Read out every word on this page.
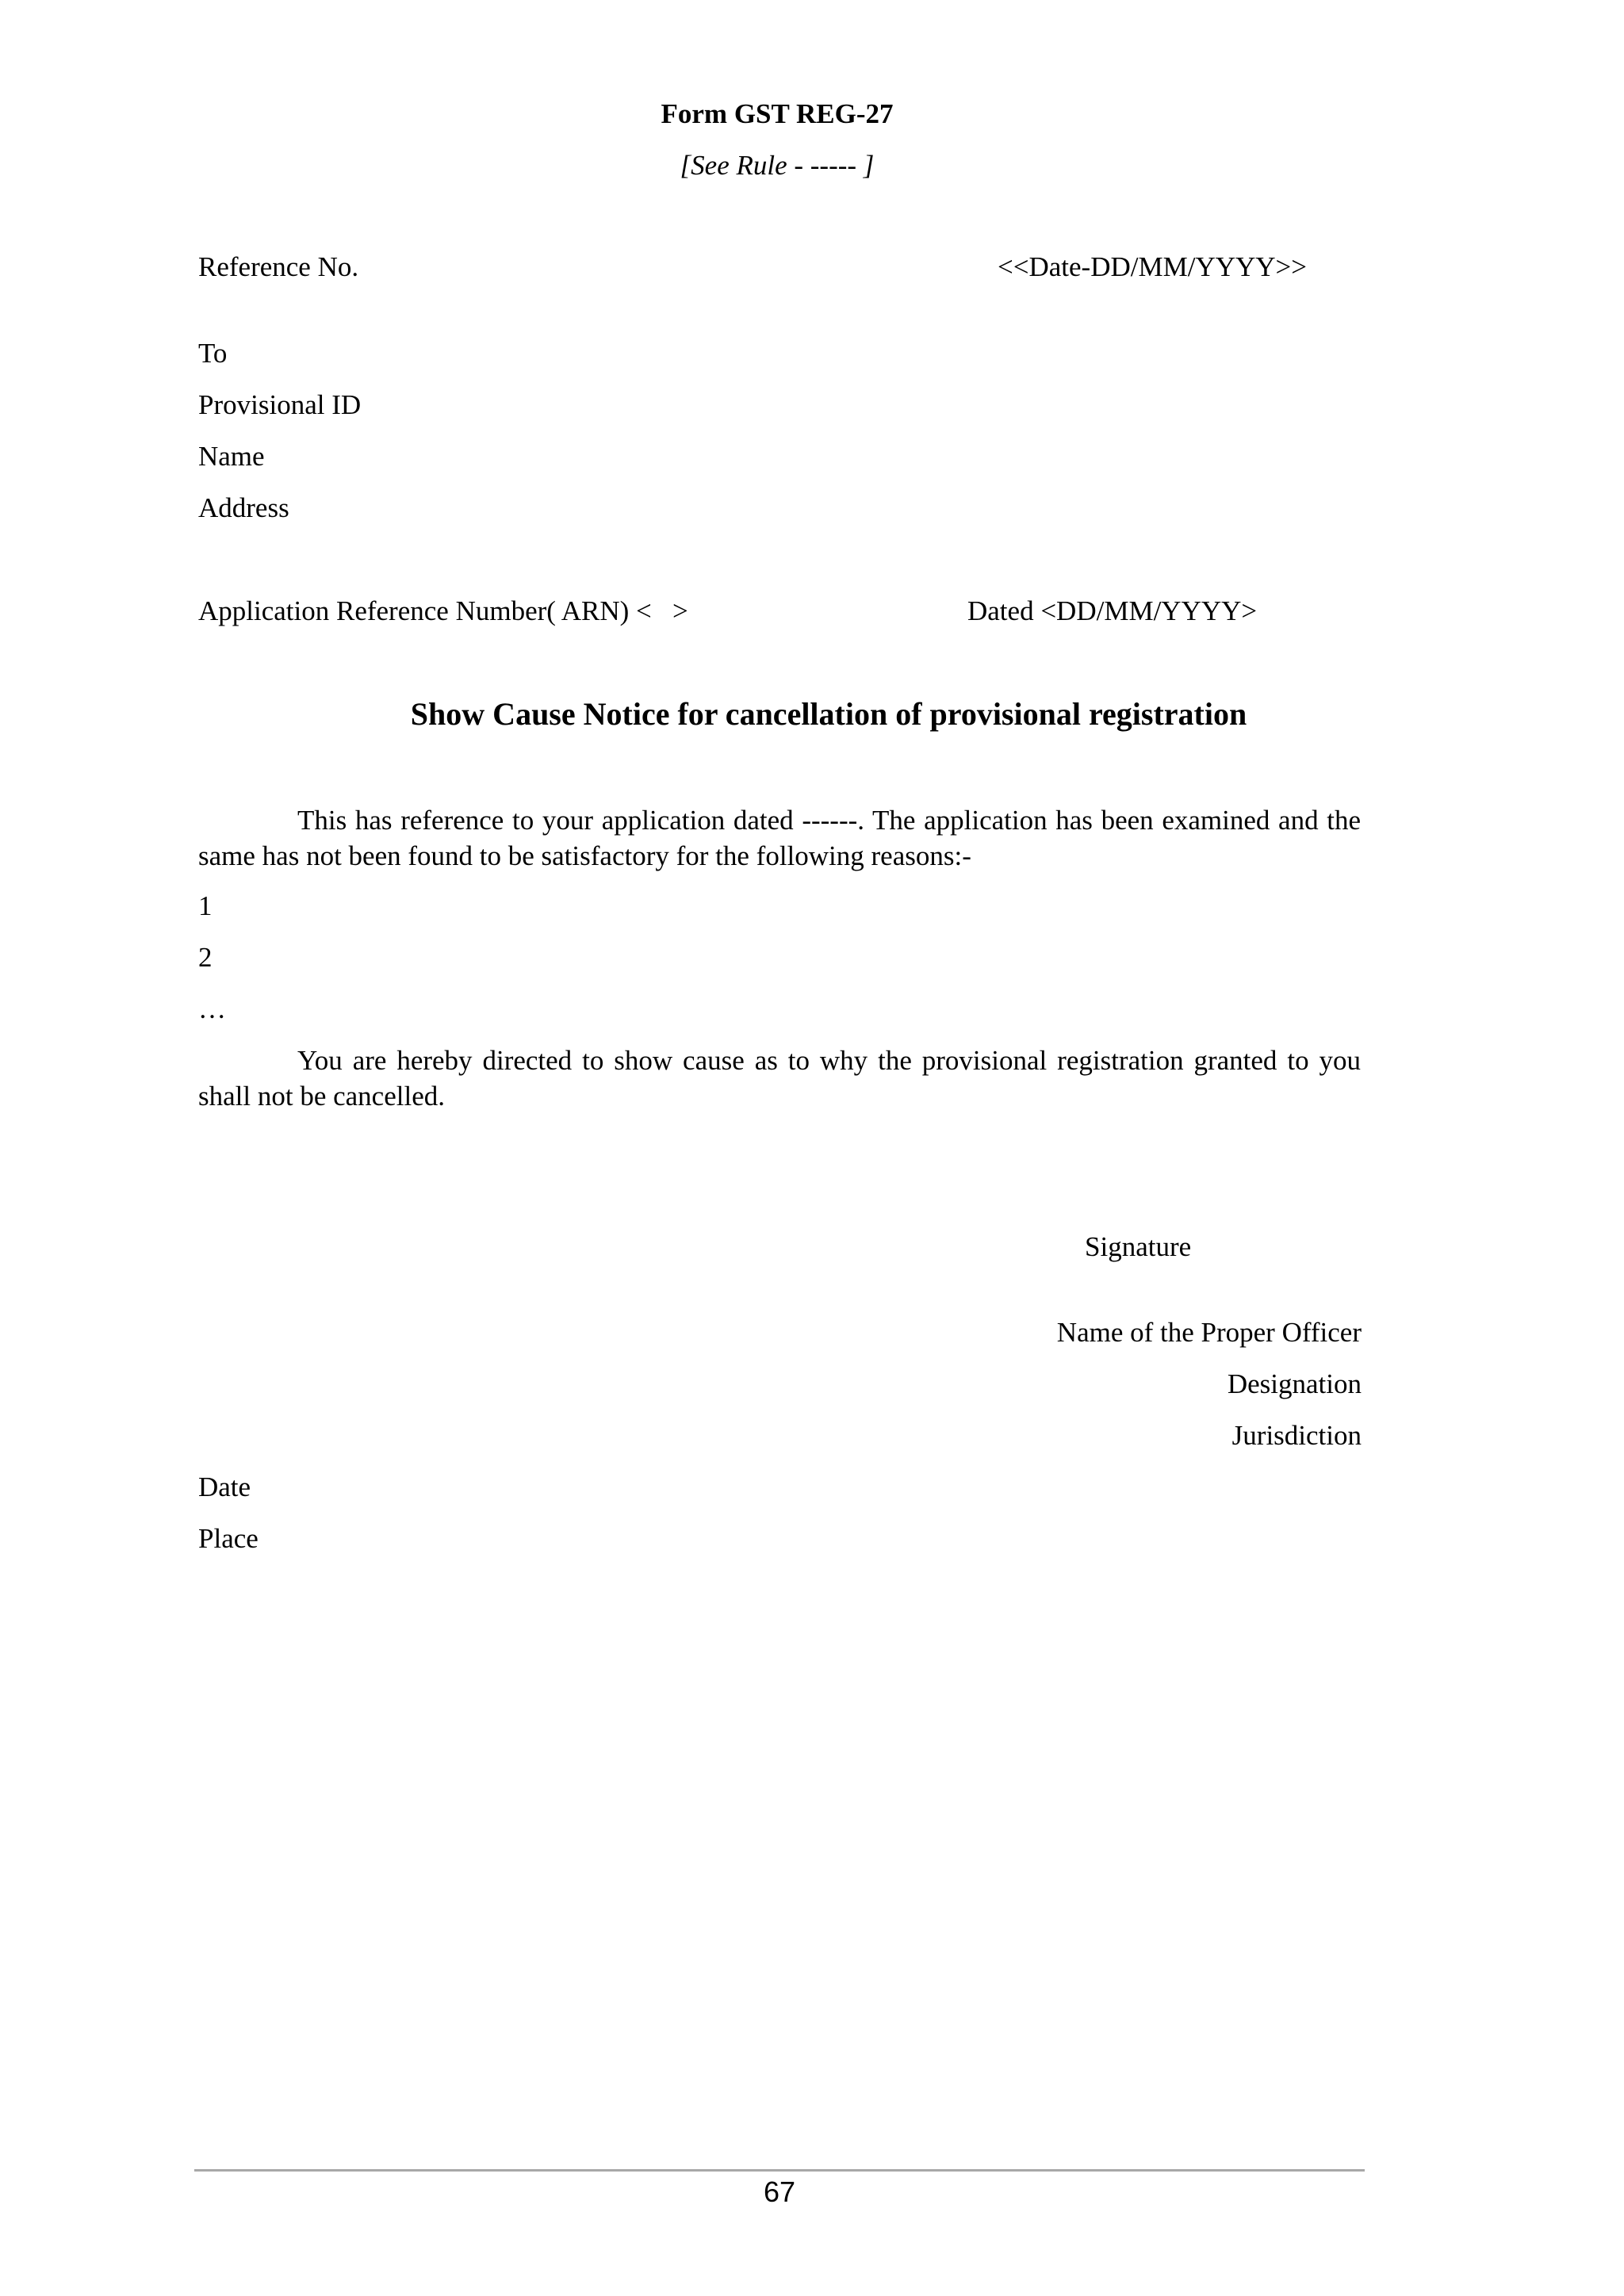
Form GST REG-27
[See Rule - ----- ]
Reference No.	<<Date-DD/MM/YYYY>>
To
Provisional ID
Name
Address
Application Reference Number( ARN) <   >	Dated <DD/MM/YYYY>
Show Cause Notice for cancellation of provisional registration
This has reference to your application dated ------. The application has been examined and the same has not been found to be satisfactory for the following reasons:-
1
2
…
You are hereby directed to show cause as to why the provisional registration granted to you shall not be cancelled.
Signature
Name of the Proper Officer
Designation
Jurisdiction
Date
Place
67
